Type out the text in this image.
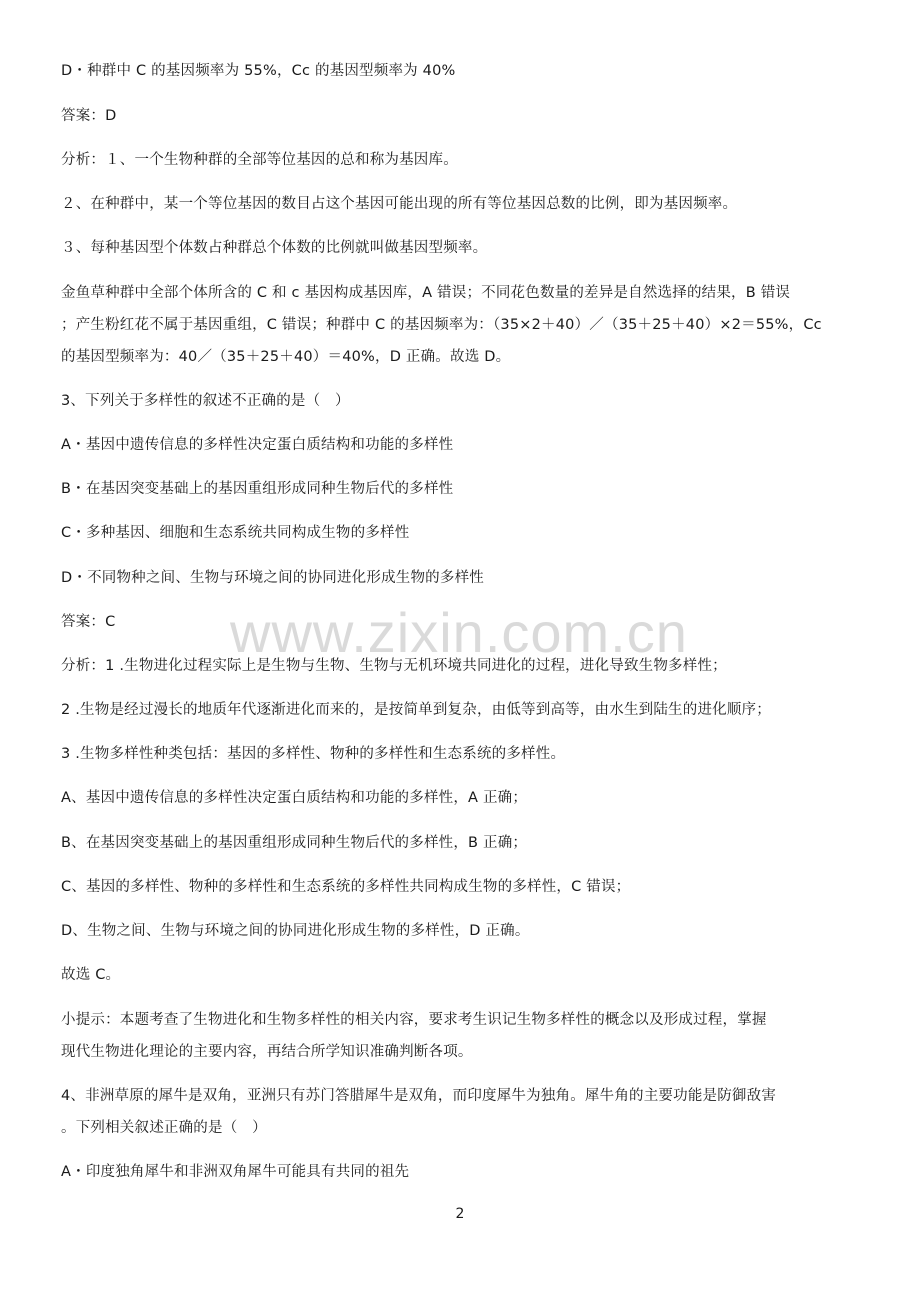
www.zixin.com.cn
D・种群中 C 的基因频率为 55%，Cc 的基因型频率为 40%
答案：D
分析：１、一个生物种群的全部等位基因的总和称为基因库。
２、在种群中，某一个等位基因的数目占这个基因可能出现的所有等位基因总数的比例，即为基因频率。
３、每种基因型个体数占种群总个体数的比例就叫做基因型频率。
金鱼草种群中全部个体所含的 C 和 c 基因构成基因库，A 错误；不同花色数量的差异是自然选择的结果，B 错误
；产生粉红花不属于基因重组，C 错误；种群中 C 的基因频率为：（35×2＋40）／（35＋25＋40）×2＝55%，Cc
的基因型频率为：40／（35＋25＋40）＝40%，D 正确。故选 D。
3、下列关于多样性的叙述不正确的是（　）
A・基因中遗传信息的多样性决定蛋白质结构和功能的多样性
B・在基因突变基础上的基因重组形成同种生物后代的多样性
C・多种基因、细胞和生态系统共同构成生物的多样性
D・不同物种之间、生物与环境之间的协同进化形成生物的多样性
答案：C
分析：1 .生物进化过程实际上是生物与生物、生物与无机环境共同进化的过程，进化导致生物多样性；
2 .生物是经过漫长的地质年代逐渐进化而来的，是按简单到复杂，由低等到高等，由水生到陆生的进化顺序；
3 .生物多样性种类包括：基因的多样性、物种的多样性和生态系统的多样性。
A、基因中遗传信息的多样性决定蛋白质结构和功能的多样性，A 正确；
B、在基因突变基础上的基因重组形成同种生物后代的多样性，B 正确；
C、基因的多样性、物种的多样性和生态系统的多样性共同构成生物的多样性，C 错误；
D、生物之间、生物与环境之间的协同进化形成生物的多样性，D 正确。
故选 C。
小提示：本题考查了生物进化和生物多样性的相关内容，要求考生识记生物多样性的概念以及形成过程，掌握
现代生物进化理论的主要内容，再结合所学知识准确判断各项。
4、非洲草原的犀牛是双角，亚洲只有苏门答腊犀牛是双角，而印度犀牛为独角。犀牛角的主要功能是防御敌害
。下列相关叙述正确的是（　）
A・印度独角犀牛和非洲双角犀牛可能具有共同的祖先
2
